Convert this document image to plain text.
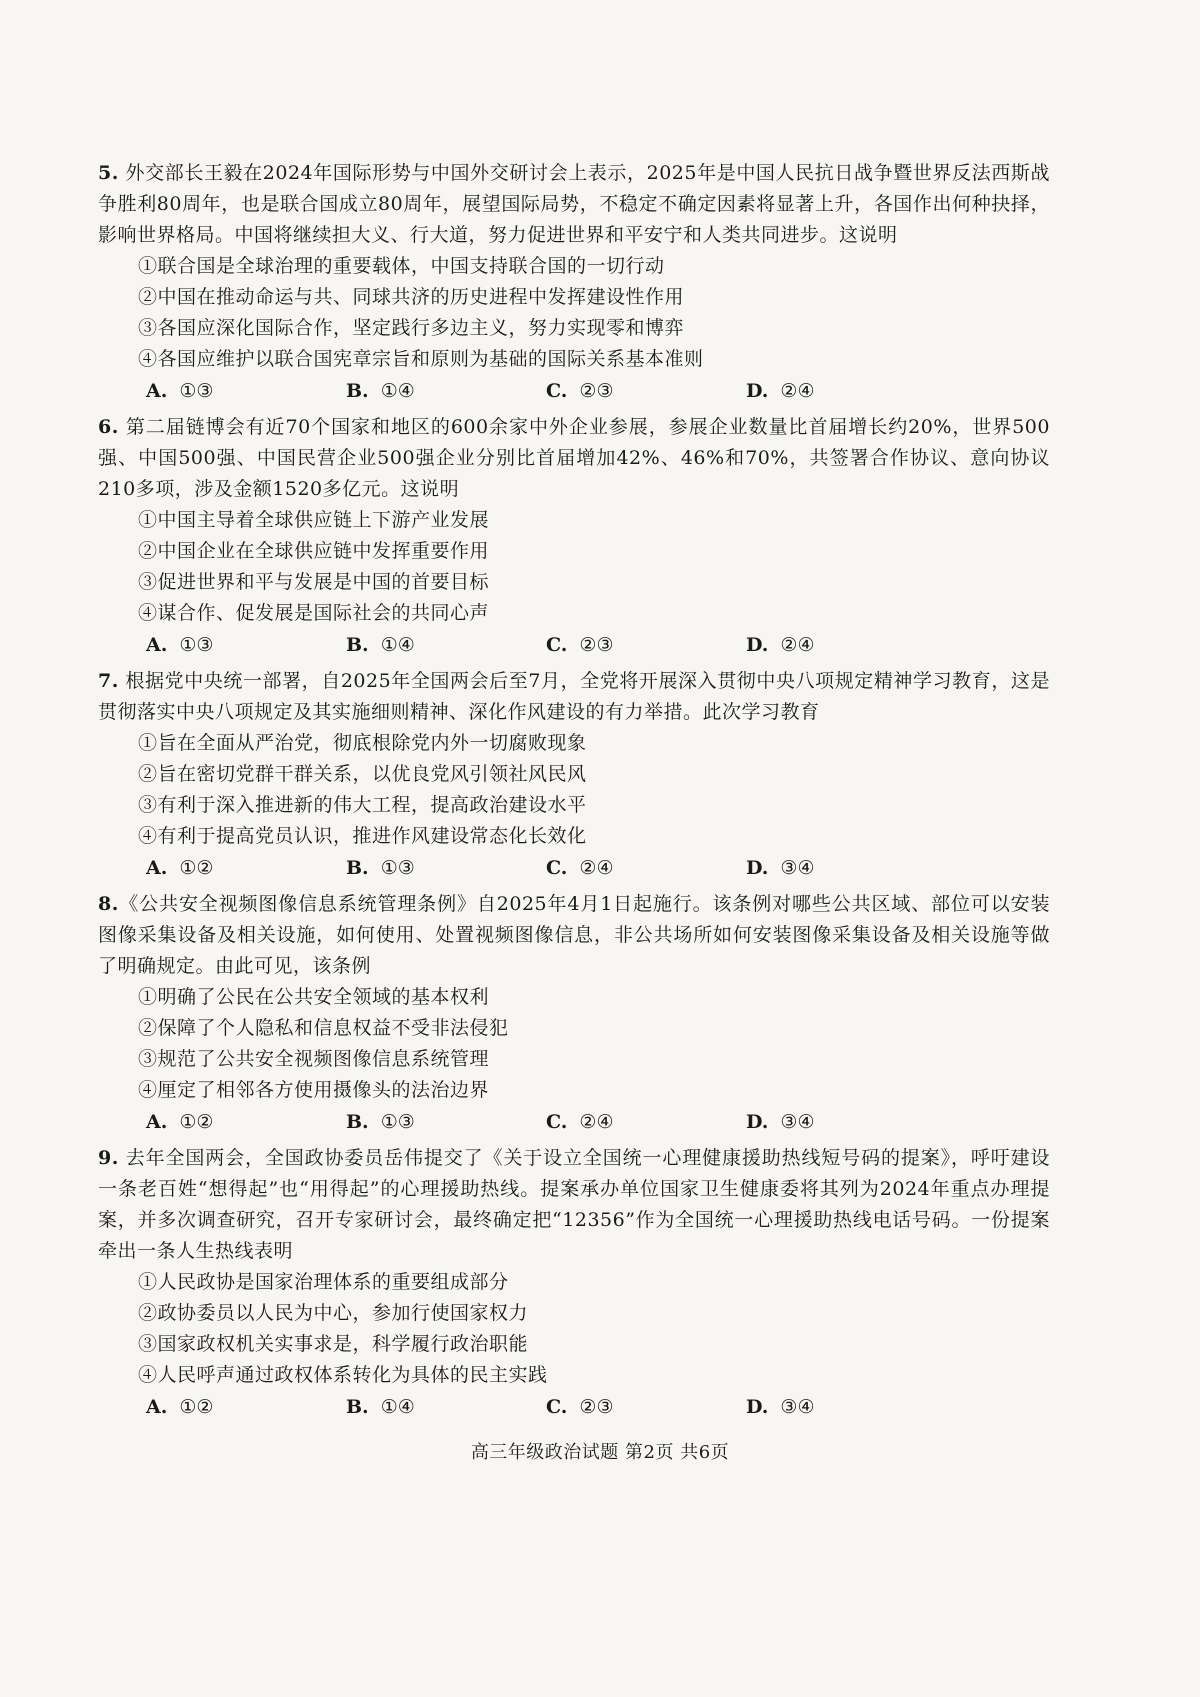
5. 外交部长王毅在2024年国际形势与中国外交研讨会上表示，2025年是中国人民抗日战争暨世界反法西斯战争胜利80周年，也是联合国成立80周年，展望国际局势，不稳定不确定因素将显著上升，各国作出何种抉择，影响世界格局。中国将继续担大义、行大道，努力促进世界和平安宁和人类共同进步。这说明

①联合国是全球治理的重要载体，中国支持联合国的一切行动

②中国在推动命运与共、同球共济的历史进程中发挥建设性作用

③各国应深化国际合作，坚定践行多边主义，努力实现零和博弈

④各国应维护以联合国宪章宗旨和原则为基础的国际关系基本准则

A. ①③	B. ①④	C. ②③	D. ②④

6. 第二届链博会有近70个国家和地区的600余家中外企业参展，参展企业数量比首届增长约20%，世界500强、中国500强、中国民营企业500强企业分别比首届增加42%、46%和70%，共签署合作协议、意向协议210多项，涉及金额1520多亿元。这说明

①中国主导着全球供应链上下游产业发展

②中国企业在全球供应链中发挥重要作用

③促进世界和平与发展是中国的首要目标

④谋合作、促发展是国际社会的共同心声

A. ①③	B. ①④	C. ②③	D. ②④

7. 根据党中央统一部署，自2025年全国两会后至7月，全党将开展深入贯彻中央八项规定精神学习教育，这是贯彻落实中央八项规定及其实施细则精神、深化作风建设的有力举措。此次学习教育

①旨在全面从严治党，彻底根除党内外一切腐败现象

②旨在密切党群干群关系，以优良党风引领社风民风

③有利于深入推进新的伟大工程，提高政治建设水平

④有利于提高党员认识，推进作风建设常态化长效化

A. ①②	B. ①③	C. ②④	D. ③④

8.《公共安全视频图像信息系统管理条例》自2025年4月1日起施行。该条例对哪些公共区域、部位可以安装图像采集设备及相关设施，如何使用、处置视频图像信息，非公共场所如何安装图像采集设备及相关设施等做了明确规定。由此可见，该条例

①明确了公民在公共安全领域的基本权利

②保障了个人隐私和信息权益不受非法侵犯

③规范了公共安全视频图像信息系统管理

④厘定了相邻各方使用摄像头的法治边界

A. ①②	B. ①③	C. ②④	D. ③④

9. 去年全国两会，全国政协委员岳伟提交了《关于设立全国统一心理健康援助热线短号码的提案》，呼吁建设一条老百姓“想得起”也“用得起”的心理援助热线。提案承办单位国家卫生健康委将其列为2024年重点办理提案，并多次调查研究，召开专家研讨会，最终确定把“12356”作为全国统一心理援助热线电话号码。一份提案牵出一条人生热线表明

①人民政协是国家治理体系的重要组成部分

②政协委员以人民为中心，参加行使国家权力

③国家政权机关实事求是，科学履行政治职能

④人民呼声通过政权体系转化为具体的民主实践

A. ①②	B. ①④	C. ②③	D. ③④
高三年级政治试题 第2页 共6页
